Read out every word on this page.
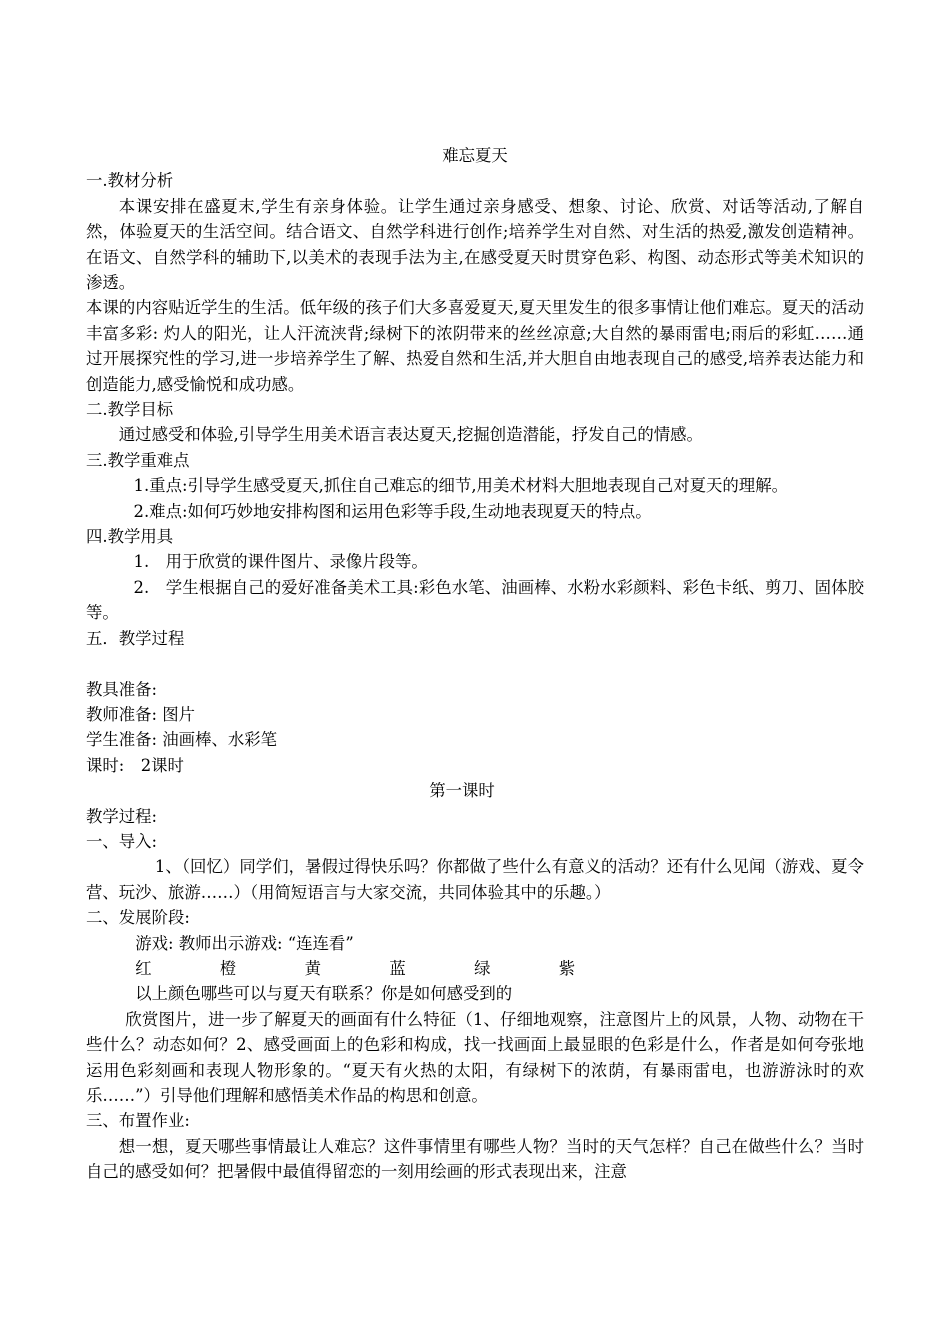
难忘夏天

一.教材分析

本课安排在盛夏末,学生有亲身体验。让学生通过亲身感受、想象、讨论、欣赏、对话等活动,了解自然，体验夏天的生活空间。结合语文、自然学科进行创作;培养学生对自然、对生活的热爱,激发创造精神。在语文、自然学科的辅助下,以美术的表现手法为主,在感受夏天时贯穿色彩、构图、动态形式等美术知识的渗透。

本课的内容贴近学生的生活。低年级的孩子们大多喜爱夏天,夏天里发生的很多事情让他们难忘。夏天的活动丰富多彩: 灼人的阳光，让人汗流浃背;绿树下的浓阴带来的丝丝凉意;大自然的暴雨雷电;雨后的彩虹……通过开展探究性的学习,进一步培养学生了解、热爱自然和生活,并大胆自由地表现自己的感受,培养表达能力和创造能力,感受愉悦和成功感。

二.教学目标

通过感受和体验,引导学生用美术语言表达夏天,挖掘创造潜能，抒发自己的情感。

三.教学重难点

1.重点:引导学生感受夏天,抓住自己难忘的细节,用美术材料大胆地表现自己对夏天的理解。

2.难点:如何巧妙地安排构图和运用色彩等手段,生动地表现夏天的特点。

四.教学用具

1.　用于欣赏的课件图片、录像片段等。

2.　学生根据自己的爱好准备美术工具:彩色水笔、油画棒、水粉水彩颜料、彩色卡纸、剪刀、固体胶等。

五．教学过程

教具准备:

教师准备: 图片

学生准备: 油画棒、水彩笔

课时:　2课时

第一课时

教学过程:

一、导入:

1、（回忆）同学们，暑假过得快乐吗？你都做了些什么有意义的活动？还有什么见闻（游戏、夏令营、玩沙、旅游……）（用简短语言与大家交流，共同体验其中的乐趣。）

二、发展阶段:

游戏: 教师出示游戏: “连连看”

红	橙	黄	蓝	绿	紫

以上颜色哪些可以与夏天有联系？你是如何感受到的

欣赏图片，进一步了解夏天的画面有什么特征（1、仔细地观察，注意图片上的风景，人物、动物在干些什么？动态如何？2、感受画面上的色彩和构成，找一找画面上最显眼的色彩是什么，作者是如何夸张地运用色彩刻画和表现人物形象的。“夏天有火热的太阳，有绿树下的浓荫，有暴雨雷电，也游游泳时的欢乐……”）引导他们理解和感悟美术作品的构思和创意。

三、布置作业:

想一想，夏天哪些事情最让人难忘？这件事情里有哪些人物？当时的天气怎样？自己在做些什么？当时自己的感受如何？把暑假中最值得留恋的一刻用绘画的形式表现出来，注意
